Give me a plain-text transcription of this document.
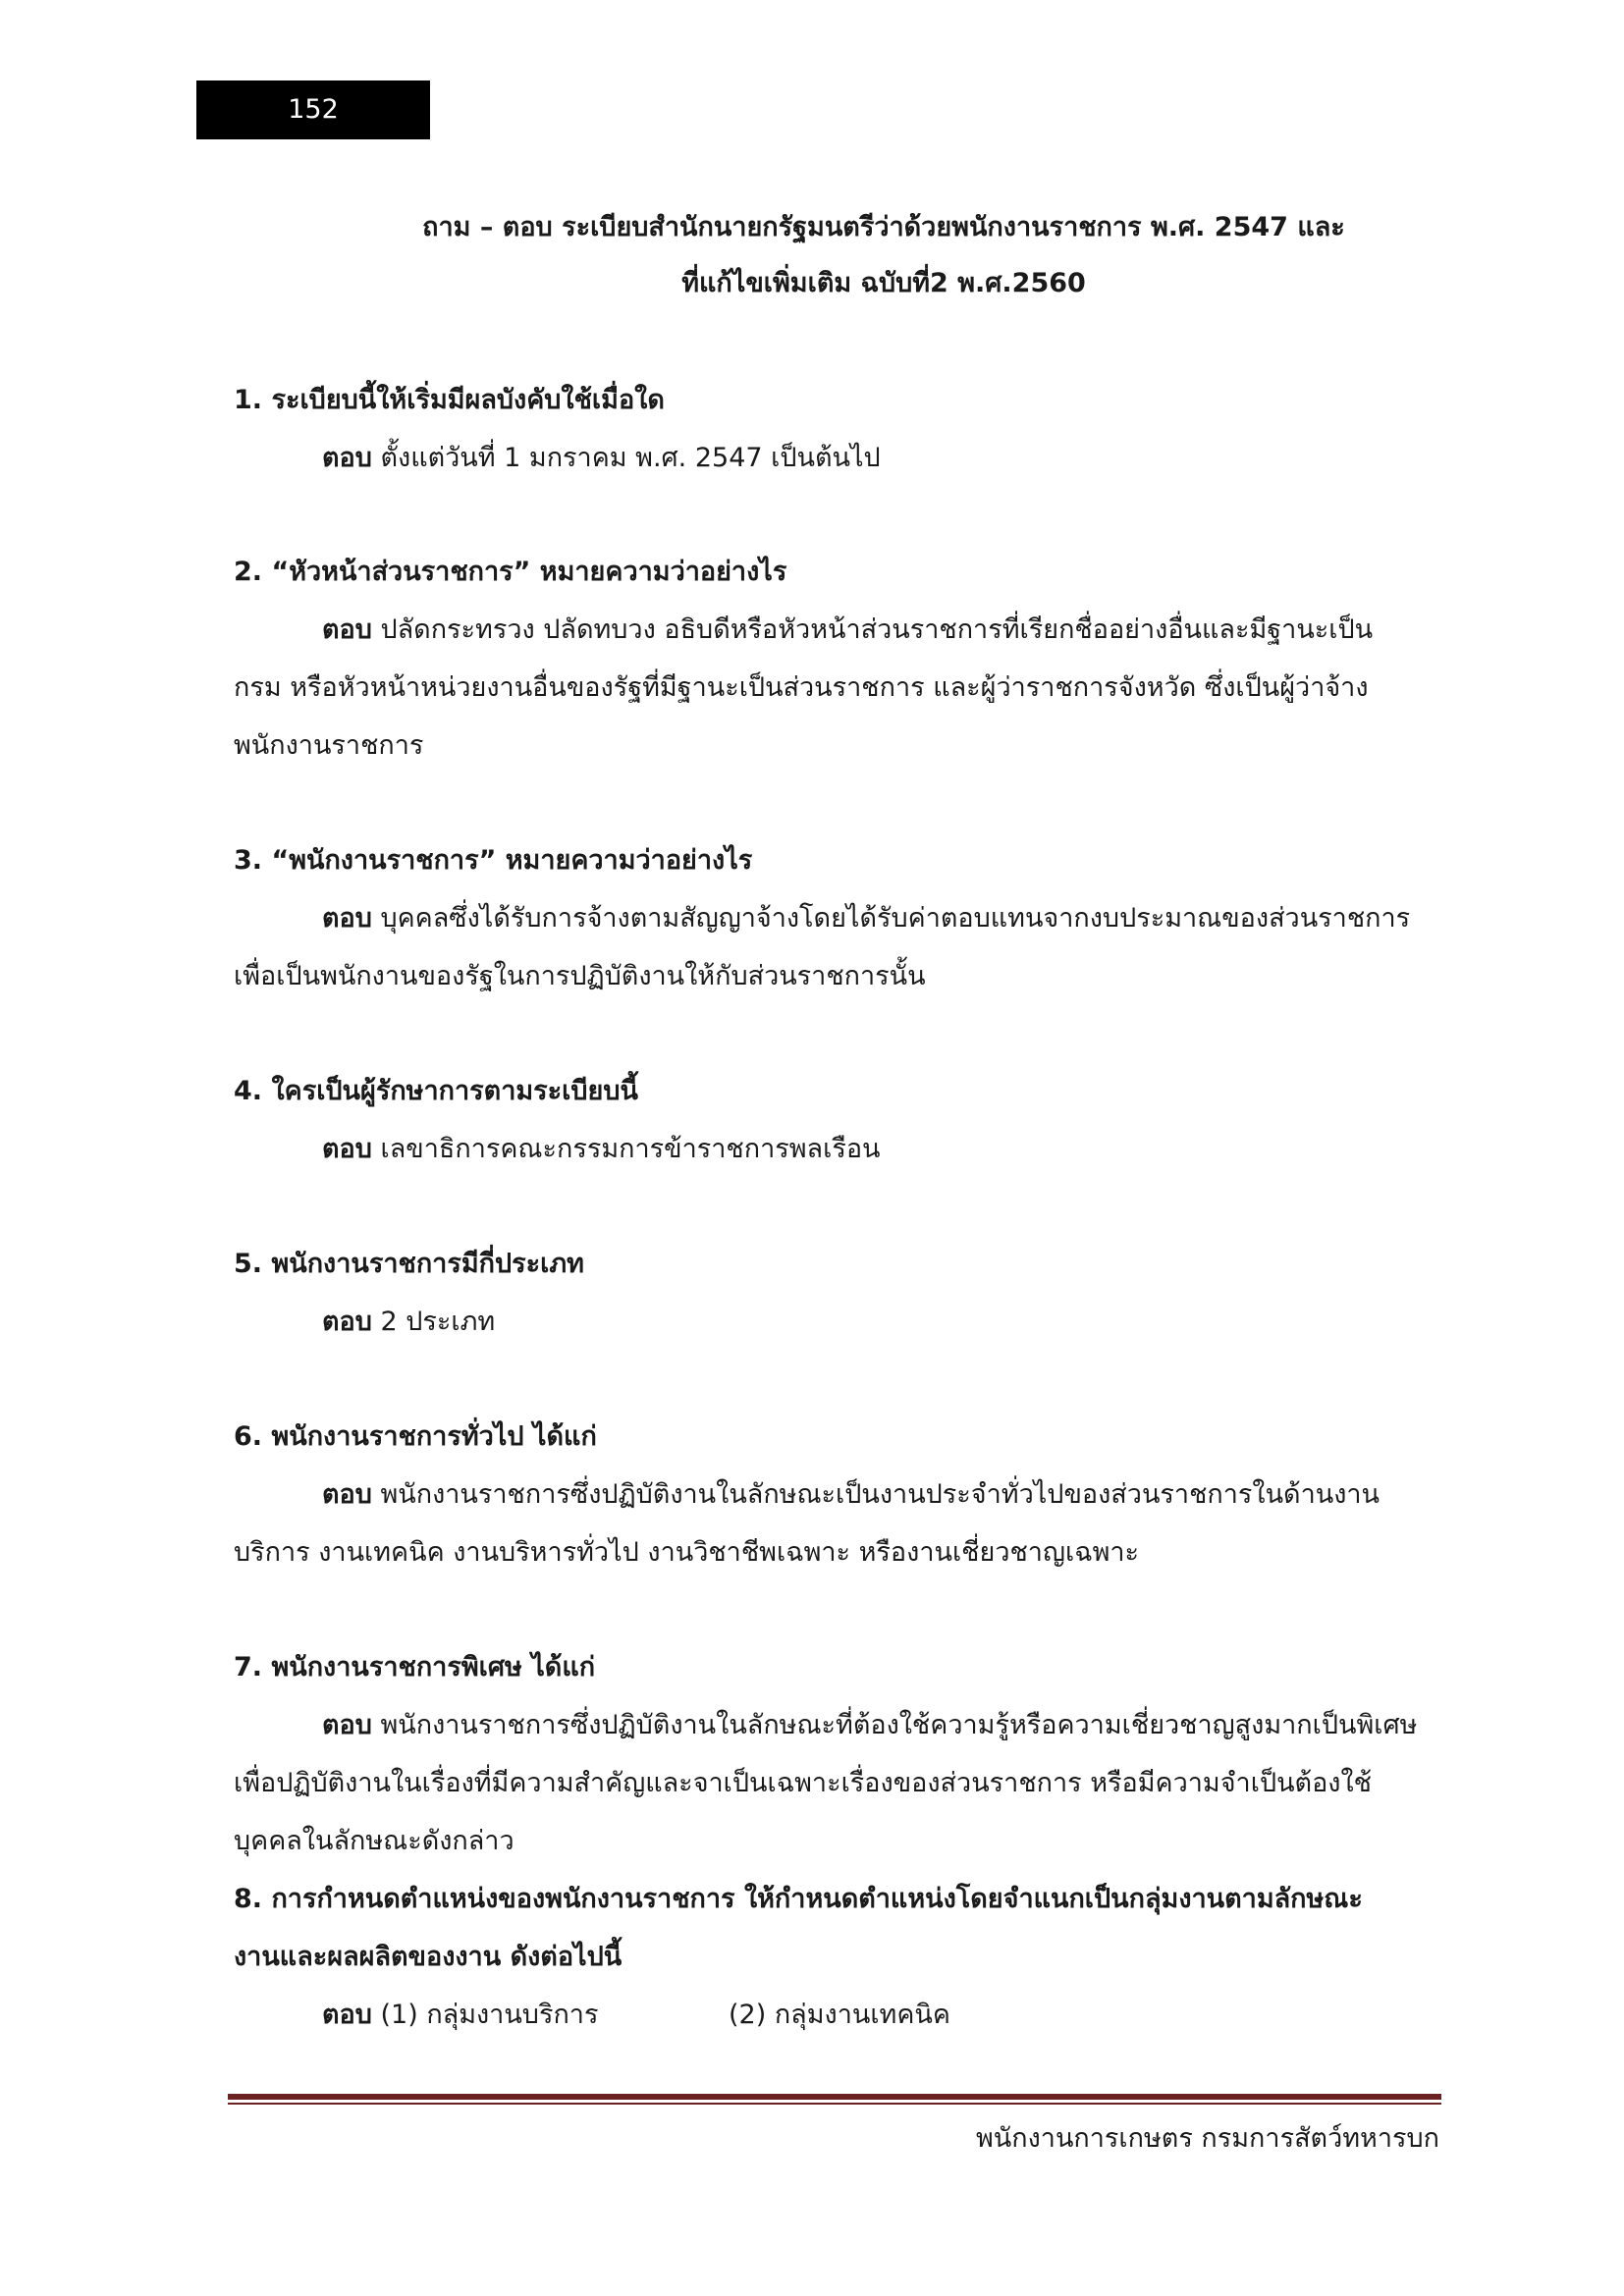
152
ถาม – ตอบ ระเบียบสำนักนายกรัฐมนตรีว่าด้วยพนักงานราชการ พ.ศ. 2547 และ
ที่แก้ไขเพิ่มเติม ฉบับที่2 พ.ศ.2560
1. ระเบียบนี้ให้เริ่มมีผลบังคับใช้เมื่อใด
ตอบ ตั้งแต่วันที่ 1 มกราคม พ.ศ. 2547 เป็นต้นไป
2. “หัวหน้าส่วนราชการ” หมายความว่าอย่างไร
ตอบ ปลัดกระทรวง ปลัดทบวง อธิบดีหรือหัวหน้าส่วนราชการที่เรียกชื่ออย่างอื่นและมีฐานะเป็น
กรม หรือหัวหน้าหน่วยงานอื่นของรัฐที่มีฐานะเป็นส่วนราชการ และผู้ว่าราชการจังหวัด ซึ่งเป็นผู้ว่าจ้าง
พนักงานราชการ
3. “พนักงานราชการ” หมายความว่าอย่างไร
ตอบ บุคคลซึ่งได้รับการจ้างตามสัญญาจ้างโดยได้รับค่าตอบแทนจากงบประมาณของส่วนราชการ
เพื่อเป็นพนักงานของรัฐในการปฏิบัติงานให้กับส่วนราชการนั้น
4. ใครเป็นผู้รักษาการตามระเบียบนี้
ตอบ เลขาธิการคณะกรรมการข้าราชการพลเรือน
5. พนักงานราชการมีกี่ประเภท
ตอบ 2 ประเภท
6. พนักงานราชการทั่วไป ได้แก่
ตอบ พนักงานราชการซึ่งปฏิบัติงานในลักษณะเป็นงานประจำทั่วไปของส่วนราชการในด้านงาน
บริการ งานเทคนิค งานบริหารทั่วไป งานวิชาชีพเฉพาะ หรืองานเชี่ยวชาญเฉพาะ
7. พนักงานราชการพิเศษ ได้แก่
ตอบ พนักงานราชการซึ่งปฏิบัติงานในลักษณะที่ต้องใช้ความรู้หรือความเชี่ยวชาญสูงมากเป็นพิเศษ
เพื่อปฏิบัติงานในเรื่องที่มีความสำคัญและจาเป็นเฉพาะเรื่องของส่วนราชการ หรือมีความจำเป็นต้องใช้
บุคคลในลักษณะดังกล่าว
8. การกำหนดตำแหน่งของพนักงานราชการ ให้กำหนดตำแหน่งโดยจำแนกเป็นกลุ่มงานตามลักษณะ
งานและผลผลิตของงาน ดังต่อไปนี้
ตอบ (1) กลุ่มงานบริการ	(2) กลุ่มงานเทคนิค
พนักงานการเกษตร กรมการสัตว์ทหารบก
